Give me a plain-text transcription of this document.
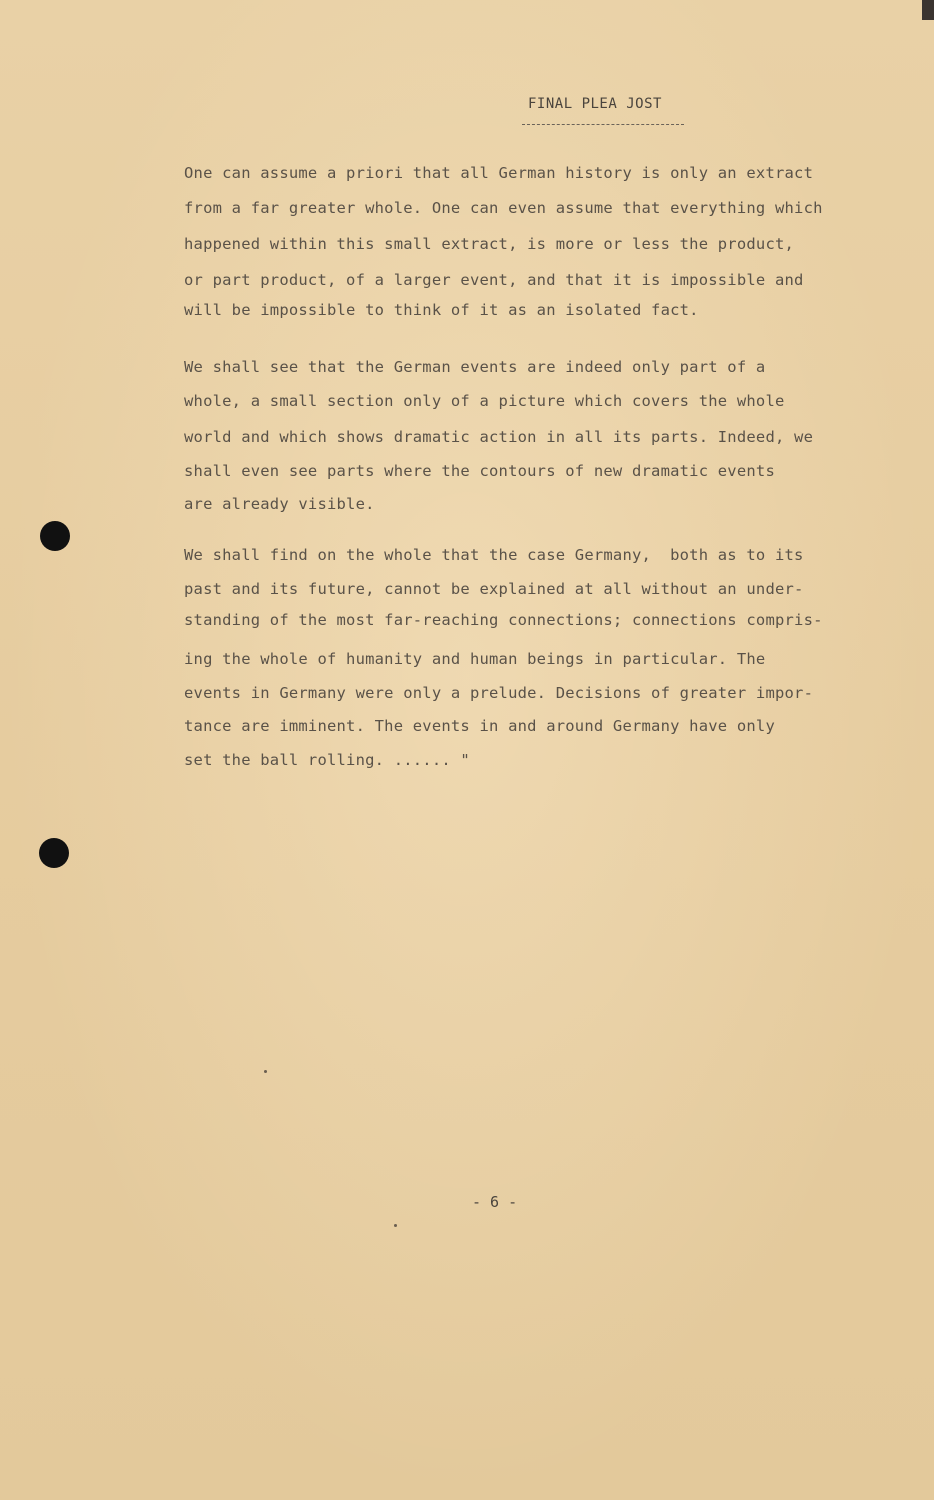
FINAL PLEA JOST
One can assume a priori that all German history is only an extract
from a far greater whole. One can even assume that everything which
happened within this small extract, is more or less the product,
or part product, of a larger event, and that it is impossible and
will be impossible to think of it as an isolated fact.
We shall see that the German events are indeed only part of a
whole, a small section only of a picture which covers the whole
world and which shows dramatic action in all its parts. Indeed, we
shall even see parts where the contours of new dramatic events
are already visible.
We shall find on the whole that the case Germany,  both as to its
past and its future, cannot be explained at all without an under-
standing of the most far-reaching connections; connections compris-
ing the whole of humanity and human beings in particular. The
events in Germany were only a prelude. Decisions of greater impor-
tance are imminent. The events in and around Germany have only
set the ball rolling. ...... "
- 6 -
